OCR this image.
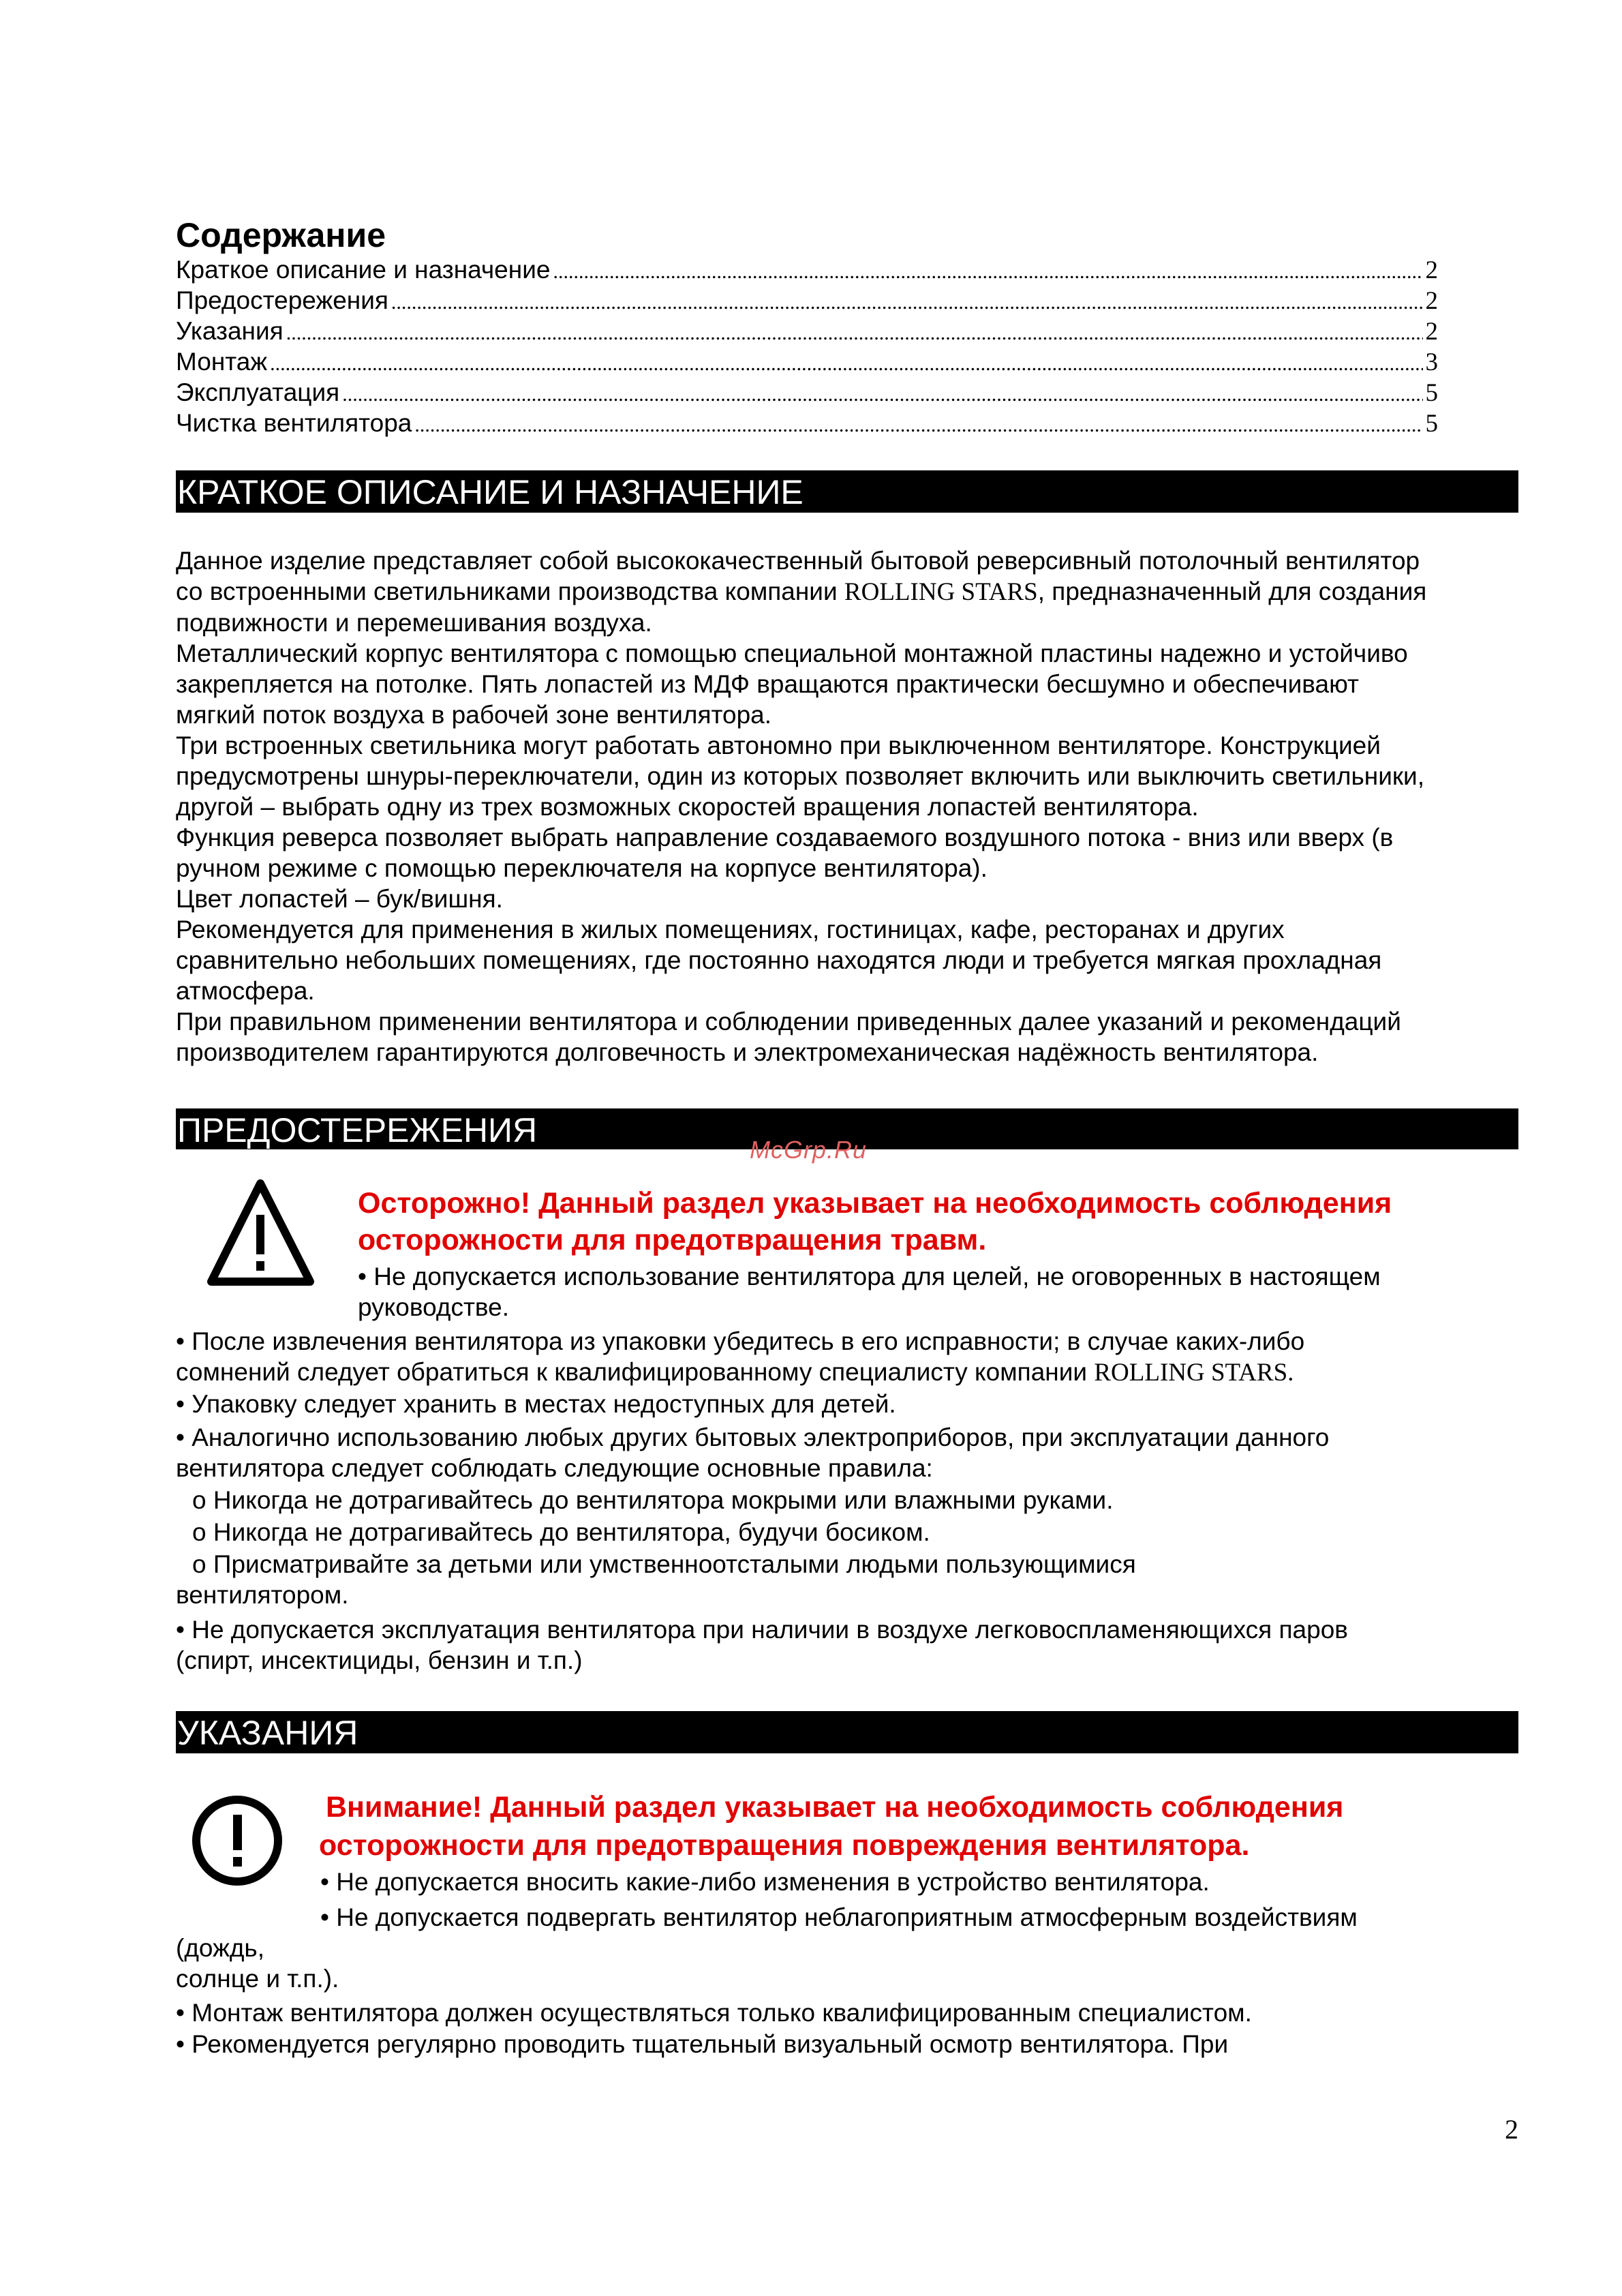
Содержание
Краткое описание и назначение .....	2
Предостережения .....	2
Указания .....	2
Монтаж .....	3
Эксплуатация .....	5
Чистка вентилятора .....	5
КРАТКОЕ ОПИСАНИЕ И НАЗНАЧЕНИЕ

Данное изделие представляет собой высококачественный бытовой реверсивный потолочный вентилятор

со встроенными светильниками производства компании ROLLING STARS, предназначенный для создания

подвижности и перемешивания воздуха.

Металлический корпус вентилятора с помощью специальной монтажной пластины надежно и устойчиво

закрепляется на потолке. Пять лопастей из МДФ вращаются практически бесшумно и обеспечивают

мягкий поток воздуха в рабочей зоне вентилятора.

Три встроенных светильника могут работать автономно при выключенном вентиляторе. Конструкцией

предусмотрены шнуры-переключатели, один из которых позволяет включить или выключить светильники,

другой – выбрать одну из трех возможных скоростей вращения лопастей вентилятора.

Функция реверса позволяет выбрать направление создаваемого воздушного потока - вниз или вверх (в

ручном режиме с помощью переключателя на корпусе вентилятора).

Цвет лопастей – бук/вишня.

Рекомендуется для применения в жилых помещениях, гостиницах, кафе, ресторанах и других

сравнительно небольших помещениях, где постоянно находятся люди и требуется мягкая прохладная

атмосфера.

При правильном применении вентилятора и соблюдении приведенных далее указаний и рекомендаций

производителем гарантируются долговечность и электромеханическая надёжность вентилятора.

ПРЕДОСТЕРЕЖЕНИЯ
McGrp.Ru
Осторожно! Данный раздел указывает на необходимость соблюдения
осторожности для предотвращения травм.
• Не допускается использование вентилятора для целей, не оговоренных в настоящем
руководстве.
• После извлечения вентилятора из упаковки убедитесь в его исправности; в случае каких-либо
сомнений следует обратиться к квалифицированному специалисту компании ROLLING STARS.
• Упаковку следует хранить в местах недоступных для детей.
• Аналогично использованию любых других бытовых электроприборов, при эксплуатации данного
вентилятора следует соблюдать следующие основные правила:
o Никогда не дотрагивайтесь до вентилятора мокрыми или влажными руками.
o Никогда не дотрагивайтесь до вентилятора, будучи босиком.
o Присматривайте за детьми или умственноотсталыми людьми пользующимися
вентилятором.
• Не допускается эксплуатация вентилятора при наличии в воздухе легковоспламеняющихся паров
(спирт, инсектициды, бензин и т.п.)
УКАЗАНИЯ
Внимание! Данный раздел указывает на необходимость соблюдения
осторожности для предотвращения повреждения вентилятора.
• Не допускается вносить какие-либо изменения в устройство вентилятора.
• Не допускается подвергать вентилятор неблагоприятным атмосферным воздействиям
(дождь,
солнце и т.п.).
• Монтаж вентилятора должен осуществляться только квалифицированным специалистом.
• Рекомендуется регулярно проводить тщательный визуальный осмотр вентилятора. При
2
